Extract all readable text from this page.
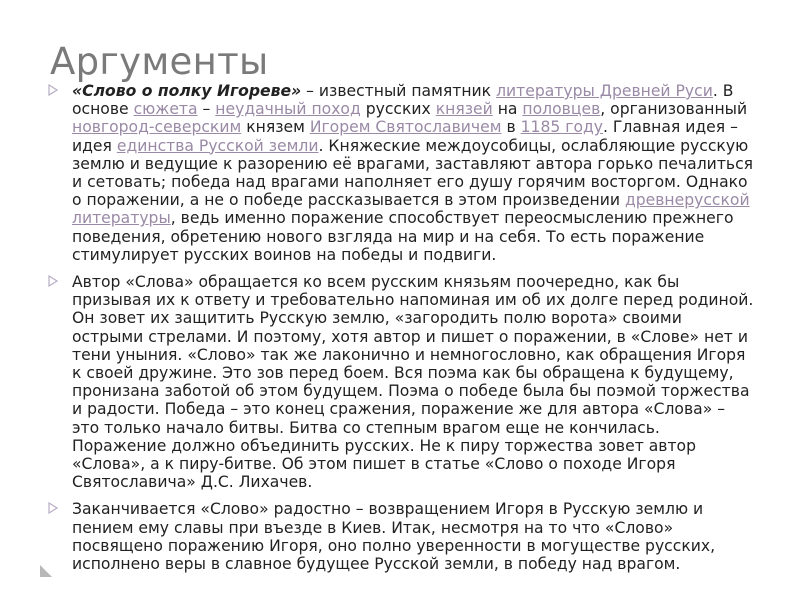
Аргументы
«Слово о полку Игореве» – известный памятник литературы Древней Руси. В основе сюжета – неудачный поход русских князей на половцев, организованный новгород-северским князем Игорем Святославичем в 1185 году. Главная идея – идея единства Русской земли. Княжеские междоусобицы, ослабляющие русскую землю и ведущие к разорению её врагами, заставляют автора горько печалиться и сетовать; победа над врагами наполняет его душу горячим восторгом. Однако о поражении, а не о победе рассказывается в этом произведении древнерусской литературы, ведь именно поражение способствует переосмыслению прежнего поведения, обретению нового взгляда на мир и на себя. То есть поражение стимулирует русских воинов на победы и подвиги.
Автор «Слова» обращается ко всем русским князьям поочередно, как бы призывая их к ответу и требовательно напоминая им об их долге перед родиной. Он зовет их защитить Русскую землю, «загородить полю ворота» своими острыми стрелами. И поэтому, хотя автор и пишет о поражении, в «Слове» нет и тени уныния. «Слово» так же лаконично и немногословно, как обращения Игоря к своей дружине. Это зов перед боем. Вся поэма как бы обращена к будущему, пронизана заботой об этом будущем. Поэма о победе была бы поэмой торжества и радости. Победа – это конец сражения, поражение же для автора «Слова» – это только начало битвы. Битва со степным врагом еще не кончилась. Поражение должно объединить русских. Не к пиру торжества зовет автор «Слова», а к пиру-битве. Об этом пишет в статье «Слово о походе Игоря Святославича» Д.С. Лихачев.
Заканчивается «Слово» радостно – возвращением Игоря в Русскую землю и пением ему славы при въезде в Киев. Итак, несмотря на то что «Слово» посвящено поражению Игоря, оно полно уверенности в могуществе русских, исполнено веры в славное будущее Русской земли, в победу над врагом.
